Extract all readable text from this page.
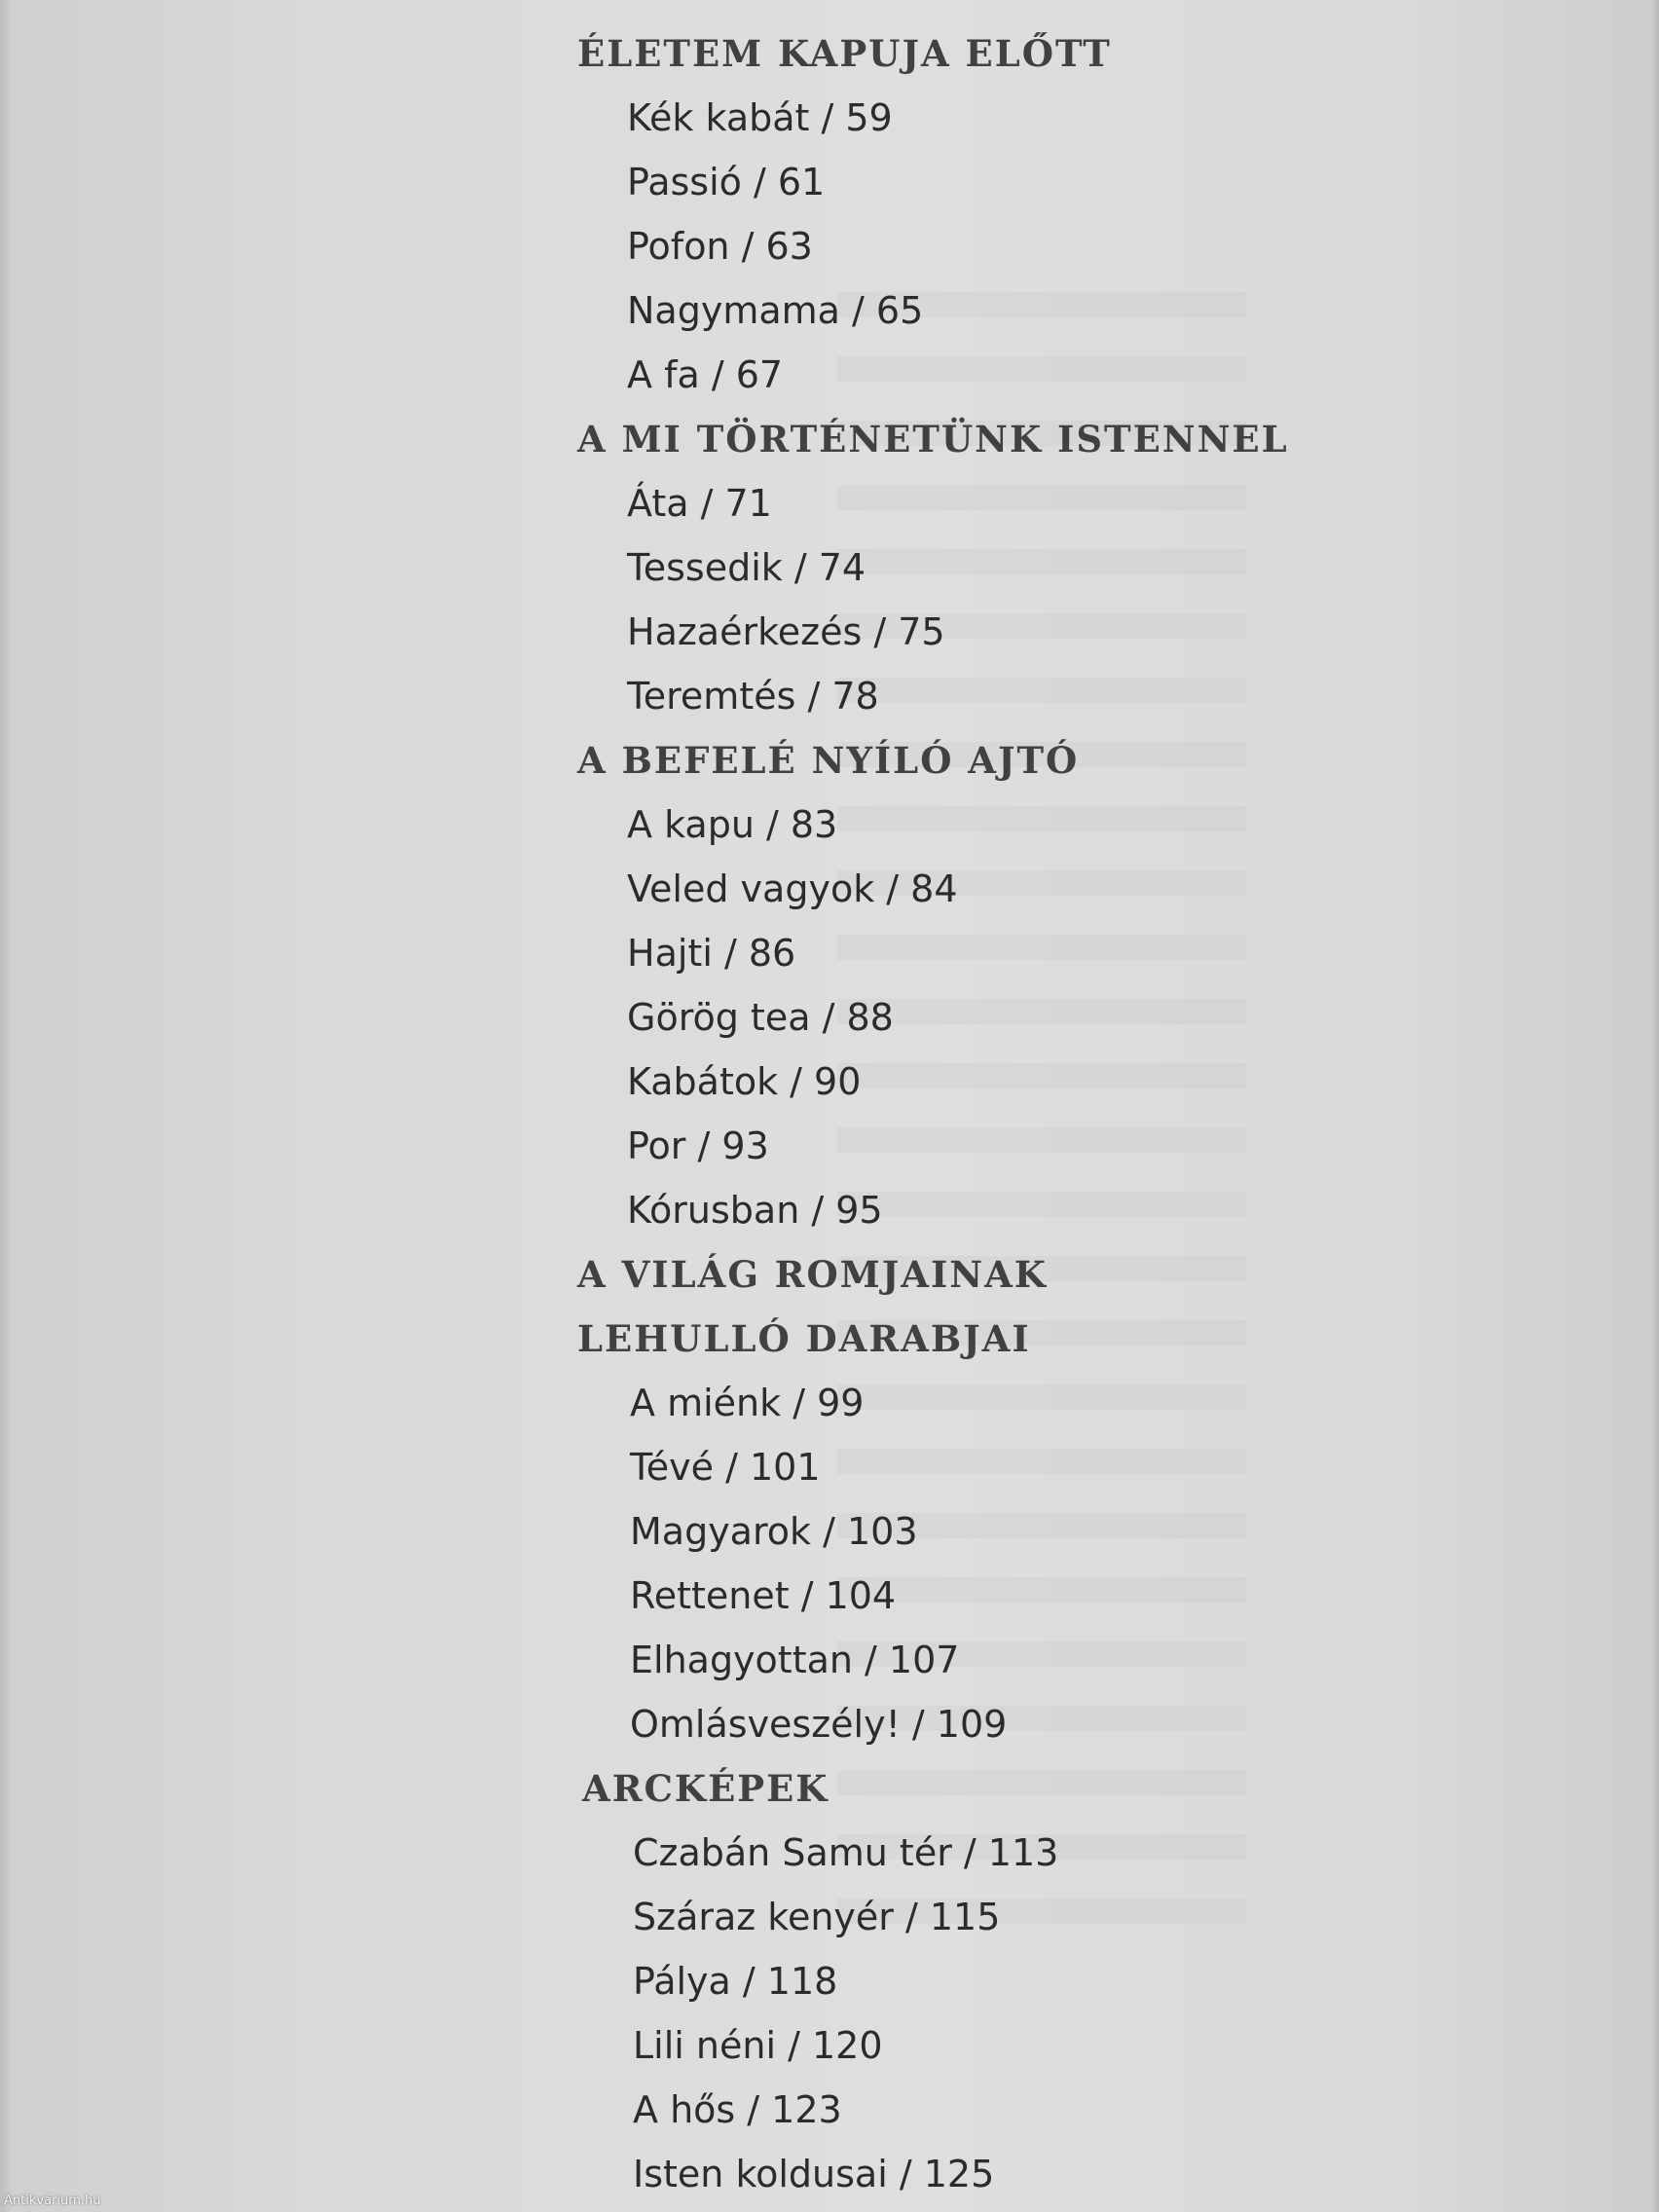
ÉLETEM KAPUJA ELŐTT
Kék kabát / 59
Passió / 61
Pofon / 63
Nagymama / 65
A fa / 67
A MI TÖRTÉNETÜNK ISTENNEL
Áta / 71
Tessedik / 74
Hazaérkezés / 75
Teremtés / 78
A BEFELÉ NYÍLÓ AJTÓ
A kapu / 83
Veled vagyok / 84
Hajti / 86
Görög tea / 88
Kabátok / 90
Por / 93
Kórusban / 95
A VILÁG ROMJAINAK
LEHULLÓ DARABJAI
A miénk / 99
Tévé / 101
Magyarok / 103
Rettenet / 104
Elhagyottan / 107
Omlásveszély! / 109
ARCKÉPEK
Czabán Samu tér / 113
Száraz kenyér / 115
Pálya / 118
Lili néni / 120
A hős / 123
Isten koldusai / 125
Antikvárium.hu
